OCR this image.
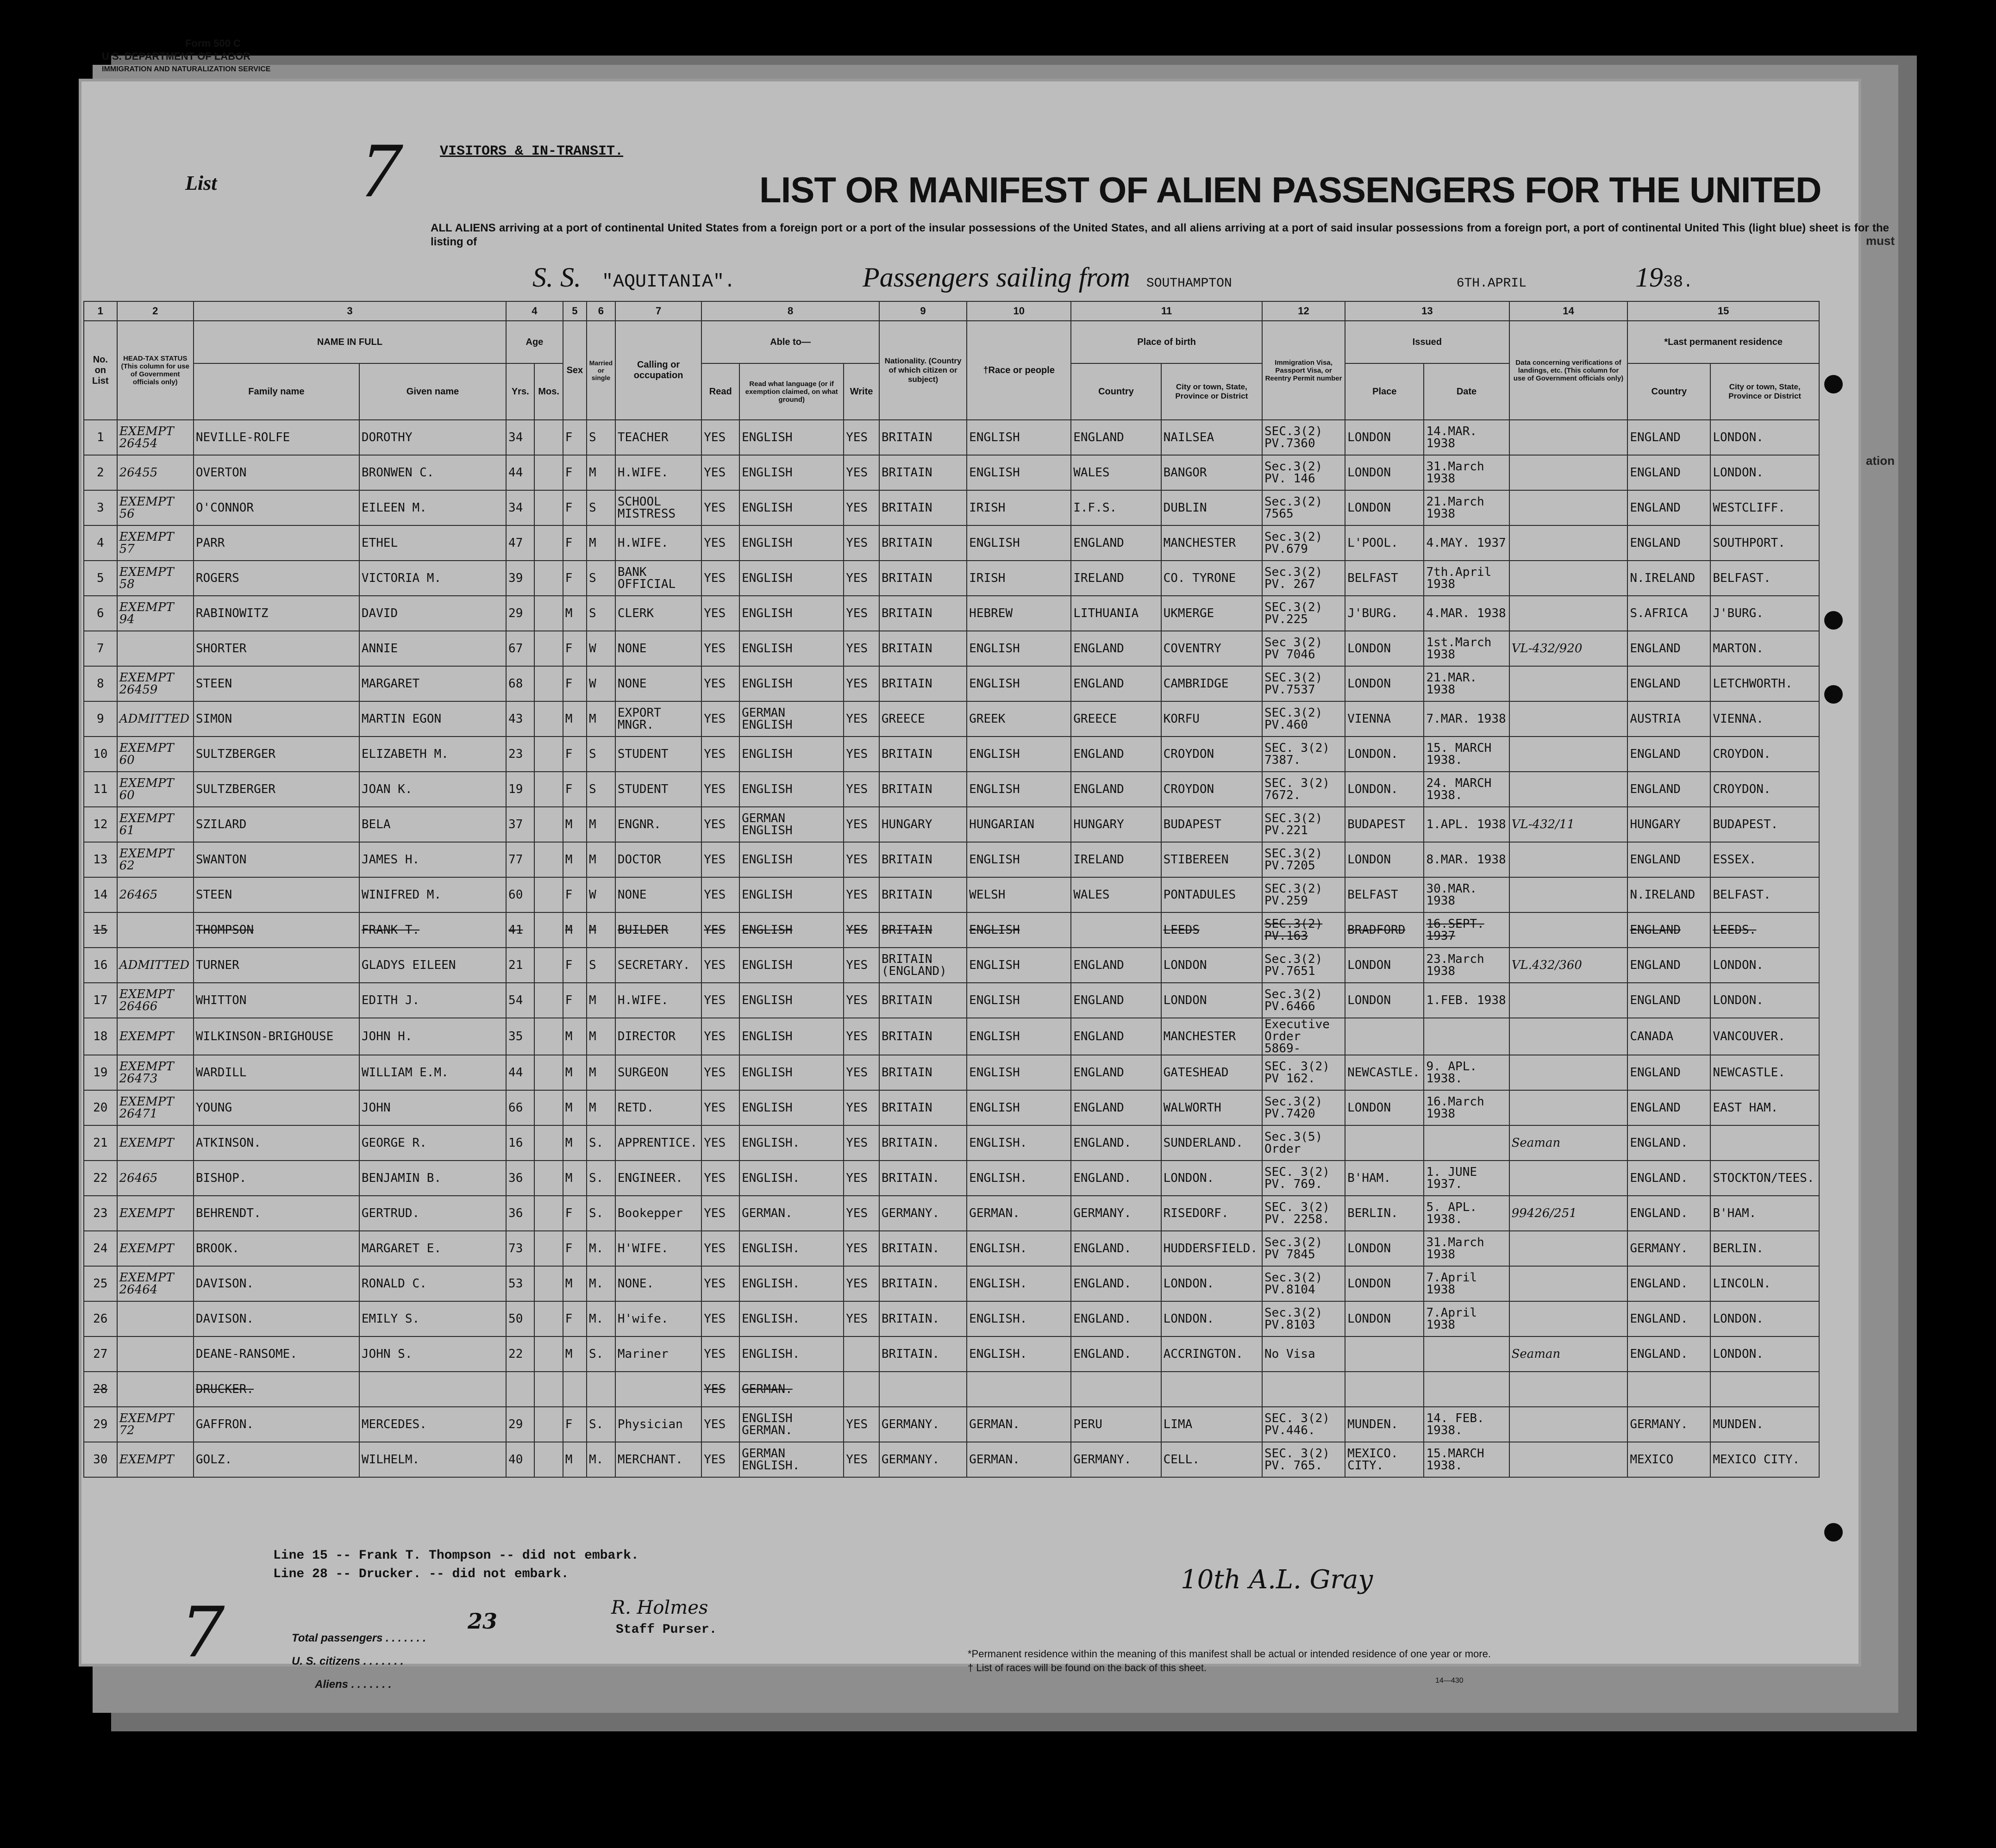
Form 500 C
U.S. DEPARTMENT OF LABOR
IMMIGRATION AND NATURALIZATION SERVICE
List 7	VISITORS & IN-TRANSIT.
LIST OR MANIFEST OF ALIEN PASSENGERS FOR THE UNITED
ALL ALIENS arriving at a port of continental United States from a foreign port or a port of the insular possessions of the United States, and all aliens arriving at a port of said insular possessions from a foreign port, a port of continental United This (light blue) sheet is for the listing of
S. S. "AQUITANIA".	Passengers sailing from SOUTHAMPTON	6TH.APRIL	1938.
must
ation
1	2	3		4		5	6	7	8			9	10	11		12	13		14	15	
No. on List	HEAD-TAX STATUS (This column for use of Government officials only)	NAME IN FULL		Age		Sex	Married or single	Calling or occupation	Able to—			Nationality. (Country of which citizen or subject)	†Race or people	Place of birth		Immigration Visa, Passport Visa, or Reentry Permit number	Issued		Data concerning verifications of landings, etc. (This column for use of Government officials only)	*Last permanent residence	
		Family name	Given name	Yrs.	Mos.				Read	Read what language (or if exemption claimed, on what ground)	Write			Country	City or town, State, Province or District		Place	Date		Country	City or town, State, Province or District
1	EXEMPT 26454	NEVILLE-ROLFE	DOROTHY	34		F	S	TEACHER	YES	ENGLISH	YES	BRITAIN	ENGLISH	ENGLAND	NAILSEA	SEC.3(2) PV.7360	LONDON	14.MAR. 1938		ENGLAND	LONDON.
2	26455	OVERTON	BRONWEN C.	44		F	M	H.WIFE.	YES	ENGLISH	YES	BRITAIN	ENGLISH	WALES	BANGOR	Sec.3(2) PV. 146	LONDON	31.March 1938		ENGLAND	LONDON.
3	EXEMPT 56	O'CONNOR	EILEEN M.	34		F	S	SCHOOL MISTRESS	YES	ENGLISH	YES	BRITAIN	IRISH	I.F.S.	DUBLIN	Sec.3(2) 7565	LONDON	21.March 1938		ENGLAND	WESTCLIFF.
4	EXEMPT 57	PARR	ETHEL	47		F	M	H.WIFE.	YES	ENGLISH	YES	BRITAIN	ENGLISH	ENGLAND	MANCHESTER	Sec.3(2) PV.679	L'POOL.	4.MAY. 1937		ENGLAND	SOUTHPORT.
5	EXEMPT 58	ROGERS	VICTORIA M.	39		F	S	BANK OFFICIAL	YES	ENGLISH	YES	BRITAIN	IRISH	IRELAND	CO. TYRONE	Sec.3(2) PV. 267	BELFAST	7th.April 1938		N.IRELAND	BELFAST.
6	EXEMPT 94	RABINOWITZ	DAVID	29		M	S	CLERK	YES	ENGLISH	YES	BRITAIN	HEBREW	LITHUANIA	UKMERGE	SEC.3(2) PV.225	J'BURG.	4.MAR. 1938		S.AFRICA	J'BURG.
7		SHORTER	ANNIE	67		F	W	NONE	YES	ENGLISH	YES	BRITAIN	ENGLISH	ENGLAND	COVENTRY	Sec 3(2) PV 7046	LONDON	1st.March 1938	VL-432/920	ENGLAND	MARTON.
8	EXEMPT 26459	STEEN	MARGARET	68		F	W	NONE	YES	ENGLISH	YES	BRITAIN	ENGLISH	ENGLAND	CAMBRIDGE	SEC.3(2) PV.7537	LONDON	21.MAR. 1938		ENGLAND	LETCHWORTH.
9	ADMITTED	SIMON	MARTIN EGON	43		M	M	EXPORT MNGR.	YES	GERMAN ENGLISH	YES	GREECE	GREEK	GREECE	KORFU	SEC.3(2) PV.460	VIENNA	7.MAR. 1938		AUSTRIA	VIENNA.
10	EXEMPT 60	SULTZBERGER	ELIZABETH M.	23		F	S	STUDENT	YES	ENGLISH	YES	BRITAIN	ENGLISH	ENGLAND	CROYDON	SEC. 3(2) 7387.	LONDON.	15. MARCH 1938.		ENGLAND	CROYDON.
11	EXEMPT 60	SULTZBERGER	JOAN K.	19		F	S	STUDENT	YES	ENGLISH	YES	BRITAIN	ENGLISH	ENGLAND	CROYDON	SEC. 3(2) 7672.	LONDON.	24. MARCH 1938.		ENGLAND	CROYDON.
12	EXEMPT 61	SZILARD	BELA	37		M	M	ENGNR.	YES	GERMAN ENGLISH	YES	HUNGARY	HUNGARIAN	HUNGARY	BUDAPEST	SEC.3(2) PV.221	BUDAPEST	1.APL. 1938	VL-432/11	HUNGARY	BUDAPEST.
13	EXEMPT 62	SWANTON	JAMES H.	77		M	M	DOCTOR	YES	ENGLISH	YES	BRITAIN	ENGLISH	IRELAND	STIBEREEN	SEC.3(2) PV.7205	LONDON	8.MAR. 1938		ENGLAND	ESSEX.
14	26465	STEEN	WINIFRED M.	60		F	W	NONE	YES	ENGLISH	YES	BRITAIN	WELSH	WALES	PONTADULES	SEC.3(2) PV.259	BELFAST	30.MAR. 1938		N.IRELAND	BELFAST.
15		THOMPSON	FRANK T.	41		M	M	BUILDER	YES	ENGLISH	YES	BRITAIN	ENGLISH		LEEDS	SEC.3(2) PV.163	BRADFORD	16.SEPT. 1937		ENGLAND	LEEDS.
16	ADMITTED	TURNER	GLADYS EILEEN	21		F	S	SECRETARY.	YES	ENGLISH	YES	BRITAIN (ENGLAND)	ENGLISH	ENGLAND	LONDON	Sec.3(2) PV.7651	LONDON	23.March 1938	VL.432/360	ENGLAND	LONDON.
17	EXEMPT 26466	WHITTON	EDITH J.	54		F	M	H.WIFE.	YES	ENGLISH	YES	BRITAIN	ENGLISH	ENGLAND	LONDON	Sec.3(2) PV.6466	LONDON	1.FEB. 1938		ENGLAND	LONDON.
18	EXEMPT	WILKINSON-BRIGHOUSE	JOHN H.	35		M	M	DIRECTOR	YES	ENGLISH	YES	BRITAIN	ENGLISH	ENGLAND	MANCHESTER	Executive Order 5869-				CANADA	VANCOUVER.
19	EXEMPT 26473	WARDILL	WILLIAM E.M.	44		M	M	SURGEON	YES	ENGLISH	YES	BRITAIN	ENGLISH	ENGLAND	GATESHEAD	SEC. 3(2) PV 162.	NEWCASTLE.	9. APL. 1938.		ENGLAND	NEWCASTLE.
20	EXEMPT 26471	YOUNG	JOHN	66		M	M	RETD.	YES	ENGLISH	YES	BRITAIN	ENGLISH	ENGLAND	WALWORTH	Sec.3(2) PV.7420	LONDON	16.March 1938		ENGLAND	EAST HAM.
21	EXEMPT	ATKINSON.	GEORGE R.	16		M	S.	APPRENTICE.	YES	ENGLISH.	YES	BRITAIN.	ENGLISH.	ENGLAND.	SUNDERLAND.	Sec.3(5) Order			Seaman	ENGLAND.	
22	26465	BISHOP.	BENJAMIN B.	36		M	S.	ENGINEER.	YES	ENGLISH.	YES	BRITAIN.	ENGLISH.	ENGLAND.	LONDON.	SEC. 3(2) PV. 769.	B'HAM.	1. JUNE 1937.		ENGLAND.	STOCKTON/TEES.
23	EXEMPT	BEHRENDT.	GERTRUD.	36		F	S.	Bookepper	YES	GERMAN.	YES	GERMANY.	GERMAN.	GERMANY.	RISEDORF.	SEC. 3(2) PV. 2258.	BERLIN.	5. APL. 1938.	99426/251	ENGLAND.	B'HAM.
24	EXEMPT	BROOK.	MARGARET E.	73		F	M.	H'WIFE.	YES	ENGLISH.	YES	BRITAIN.	ENGLISH.	ENGLAND.	HUDDERSFIELD.	Sec.3(2) PV 7845	LONDON	31.March 1938		GERMANY.	BERLIN.
25	EXEMPT 26464	DAVISON.	RONALD C.	53		M	M.	NONE.	YES	ENGLISH.	YES	BRITAIN.	ENGLISH.	ENGLAND.	LONDON.	Sec.3(2) PV.8104	LONDON	7.April 1938		ENGLAND.	LINCOLN.
26		DAVISON.	EMILY S.	50		F	M.	H'wife.	YES	ENGLISH.	YES	BRITAIN.	ENGLISH.	ENGLAND.	LONDON.	Sec.3(2) PV.8103	LONDON	7.April 1938		ENGLAND.	LONDON.
27		DEANE-RANSOME.	JOHN S.	22		M	S.	Mariner	YES	ENGLISH.		BRITAIN.	ENGLISH.	ENGLAND.	ACCRINGTON.	No Visa			Seaman	ENGLAND.	LONDON.
28		DRUCKER.							YES	GERMAN.											
29	EXEMPT 72	GAFFRON.	MERCEDES.	29		F	S.	Physician	YES	ENGLISH GERMAN.	YES	GERMANY.	GERMAN.	PERU	LIMA	SEC. 3(2) PV.446.	MUNDEN.	14. FEB. 1938.		GERMANY.	MUNDEN.
30	EXEMPT	GOLZ.	WILHELM.	40		M	M.	MERCHANT.	YES	GERMAN ENGLISH.	YES	GERMANY.	GERMAN.	GERMANY.	CELL.	SEC. 3(2) PV. 765.	MEXICO. CITY.	15.MARCH 1938.		MEXICO	MEXICO CITY.
Line 15 -- Frank T. Thompson -- did not embark.
Line 28 -- Drucker. -- did not embark.
7	23
R. Holmes
Staff Purser.
10th A.L. Gray
Total passengers . . . . . . .
U. S. citizens . . . . . . .
Aliens . . . . . . .
*Permanent residence within the meaning of this manifest shall be actual or intended residence of one year or more.
† List of races will be found on the back of this sheet.
14—430
